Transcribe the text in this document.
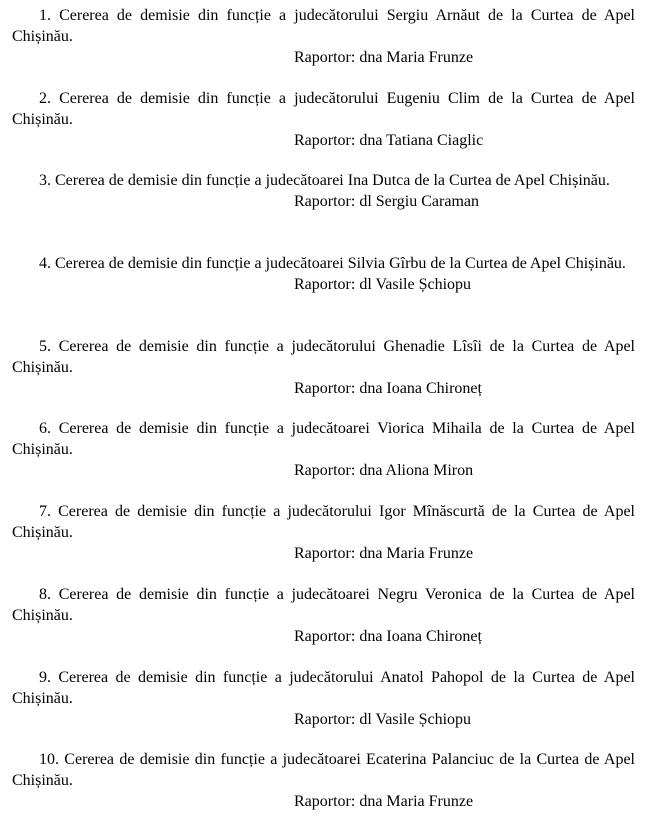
1. Cererea de demisie din funcție a judecătorului Sergiu Arnăut de la Curtea de Apel Chișinău.

Raportor: dna Maria Frunze

2. Cererea de demisie din funcție a judecătorului Eugeniu Clim de la Curtea de Apel Chișinău.

Raportor: dna Tatiana Ciaglic

3. Cererea de demisie din funcție a judecătoarei Ina Dutca de la Curtea de Apel Chișinău.

Raportor: dl Sergiu Caraman

4. Cererea de demisie din funcție a judecătoarei Silvia Gîrbu de la Curtea de Apel Chișinău.

Raportor: dl Vasile Șchiopu

5. Cererea de demisie din funcție a judecătorului Ghenadie Lîsîi de la Curtea de Apel Chișinău.

Raportor: dna Ioana Chironeț

6. Cererea de demisie din funcție a judecătoarei Viorica Mihaila de la Curtea de Apel Chișinău.

Raportor: dna Aliona Miron

7. Cererea de demisie din funcție a judecătorului Igor Mînăscurtă de la Curtea de Apel Chișinău.

Raportor: dna Maria Frunze

8. Cererea de demisie din funcție a judecătoarei Negru Veronica de la Curtea de Apel Chișinău.

Raportor: dna Ioana Chironeț

9. Cererea de demisie din funcție a judecătorului Anatol Pahopol de la Curtea de Apel Chișinău.

Raportor: dl Vasile Șchiopu

10. Cererea de demisie din funcție a judecătoarei Ecaterina Palanciuc de la Curtea de Apel Chișinău.

Raportor: dna Maria Frunze
